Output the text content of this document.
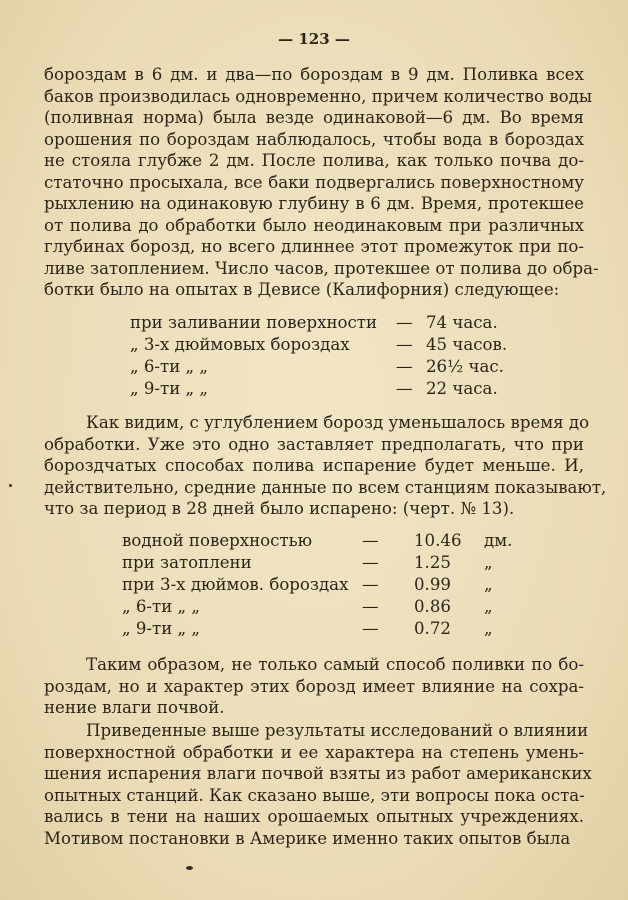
— 123 —
бороздам в 6 дм. и два—по бороздам в 9 дм. Поливка всех
баков производилась одновременно, причем количество воды
(поливная норма) была везде одинаковой—6 дм. Во время
орошения по бороздам наблюдалось, чтобы вода в бороздах
не стояла глубже 2 дм. После полива, как только почва до-
статочно просыхала, все баки подвергались поверхностному
рыхлению на одинаковую глубину в 6 дм. Время, протекшее
от полива до обработки было неодинаковым при различных
глубинах борозд, но всего длиннее этот промежуток при по-
ливе затоплением. Число часов, протекшее от полива до обра-
ботки было на опытах в Девисе (Калифорния) следующее:
при заливании поверхности — 74 часа.
„ 3-х дюймовых бороздах	— 45 часов.
„ 6-ти „ „	— 26½ час.
„ 9-ти „ „	— 22 часа.
Как видим, с углублением борозд уменьшалось время до
обработки. Уже это одно заставляет предполагать, что при
бороздчатых способах полива испарение будет меньше. И,
действительно, средние данные по всем станциям показывают,
что за период в 28 дней было испарено: (черт. № 13).
водной поверхностью	— 10.46 дм.
при затоплени	— 1.25 „
при 3-х дюймов. бороздах — 0.99 „
„ 6-ти „ „	— 0.86 „
„ 9-ти „ „	— 0.72 „
Таким образом, не только самый способ поливки по бо-
роздам, но и характер этих борозд имеет влияние на сохра-
нение влаги почвой.
Приведенные выше результаты исследований о влиянии
поверхностной обработки и ее характера на степень умень-
шения испарения влаги почвой взяты из работ американских
опытных станций. Как сказано выше, эти вопросы пока оста-
вались в тени на наших орошаемых опытных учреждениях.
Мотивом постановки в Америке именно таких опытов была
